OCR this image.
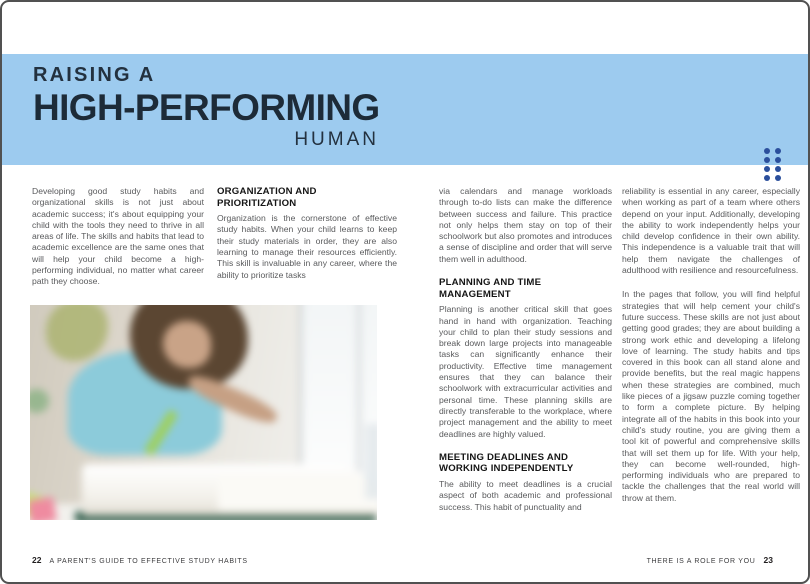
RAISING A
HIGH-PERFORMING
HUMAN

Developing good study habits and organizational skills is not just about academic success; it's about equipping your child with the tools they need to thrive in all areas of life. The skills and habits that lead to academic excellence are the same ones that will help your child become a high-performing individual, no matter what career path they choose.

ORGANIZATION AND PRIORITIZATION

Organization is the cornerstone of effective study habits. When your child learns to keep their study materials in order, they are also learning to manage their resources efficiently. This skill is invaluable in any career, where the ability to prioritize tasks

via calendars and manage workloads through to-do lists can make the difference between success and failure. This practice not only helps them stay on top of their schoolwork but also promotes and introduces a sense of discipline and order that will serve them well in adulthood.

PLANNING AND TIME MANAGEMENT

Planning is another critical skill that goes hand in hand with organization. Teaching your child to plan their study sessions and break down large projects into manageable tasks can significantly enhance their productivity. Effective time management ensures that they can balance their schoolwork with extracurricular activities and personal time. These planning skills are directly transferable to the workplace, where project management and the ability to meet deadlines are highly valued.

MEETING DEADLINES AND WORKING INDEPENDENTLY

The ability to meet deadlines is a crucial aspect of both academic and professional success. This habit of punctuality and

reliability is essential in any career, especially when working as part of a team where others depend on your input. Additionally, developing the ability to work independently helps your child develop confidence in their own ability. This independence is a valuable trait that will help them navigate the challenges of adulthood with resilience and resourcefulness.

In the pages that follow, you will find helpful strategies that will help cement your child's future success. These skills are not just about getting good grades; they are about building a strong work ethic and developing a lifelong love of learning. The study habits and tips covered in this book can all stand alone and provide benefits, but the real magic happens when these strategies are combined, much like pieces of a jigsaw puzzle coming together to form a complete picture. By helping integrate all of the habits in this book into your child's study routine, you are giving them a tool kit of powerful and comprehensive skills that will set them up for life. With your help, they can become well-rounded, high-performing individuals who are prepared to tackle the challenges that the real world will throw at them.

22 A PARENT'S GUIDE TO EFFECTIVE STUDY HABITS	THERE IS A ROLE FOR YOU 23
